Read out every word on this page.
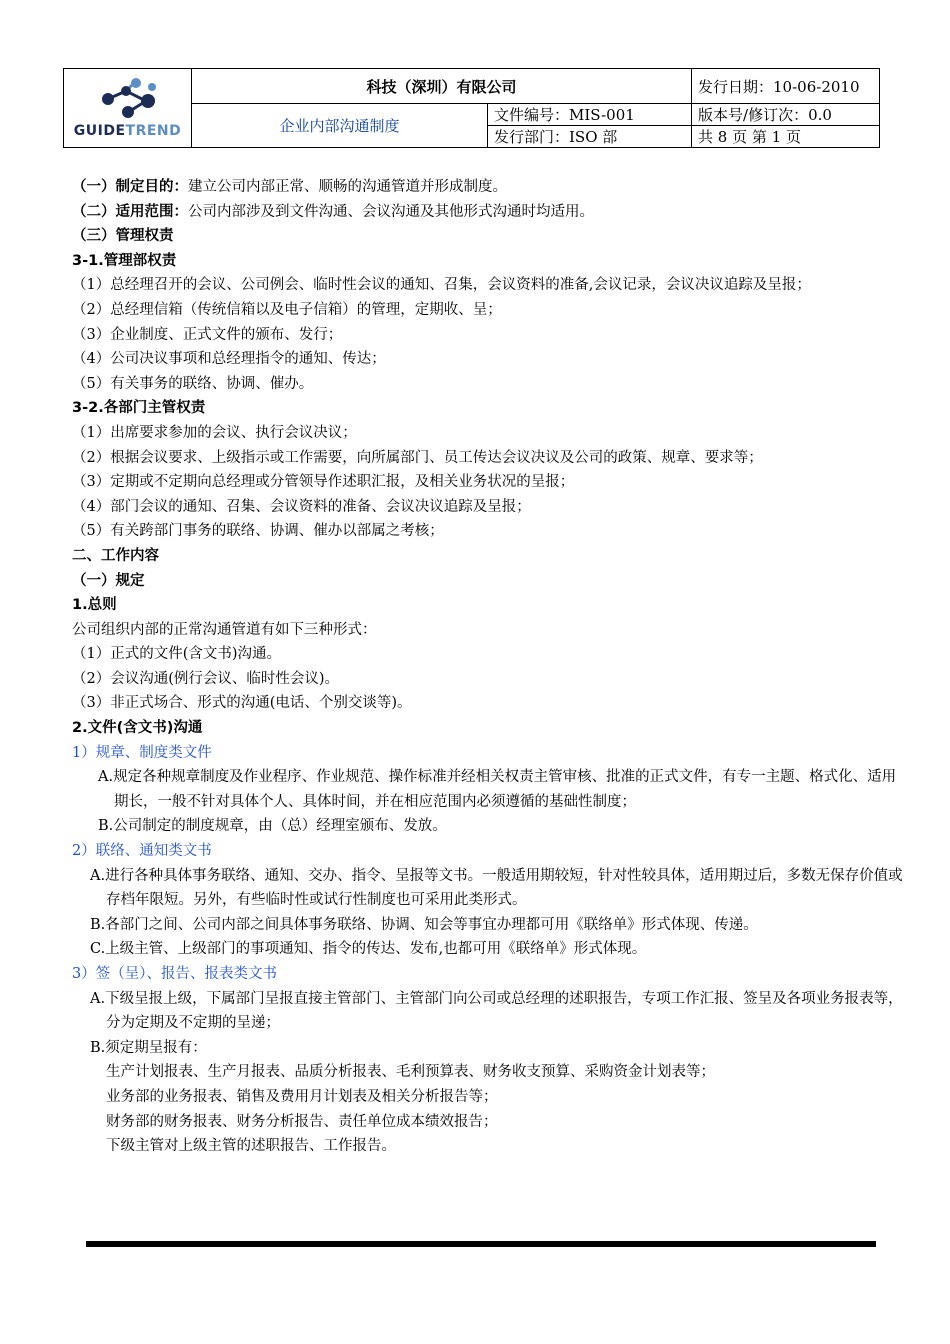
GUIDETREND	科技（深圳）有限公司		发行日期：10-06-2010
	企业内部沟通制度	文件编号：MIS-001	版本号/修订次：0.0
		发行部门：ISO 部	共 8 页 第 1 页
（一）制定目的：建立公司内部正常、顺畅的沟通管道并形成制度。
（二）适用范围：公司内部涉及到文件沟通、会议沟通及其他形式沟通时均适用。
（三）管理权责
3-1.管理部权责
（1）总经理召开的会议、公司例会、临时性会议的通知、召集，会议资料的准备,会议记录，会议决议追踪及呈报；
（2）总经理信箱（传统信箱以及电子信箱）的管理，定期收、呈；
（3）企业制度、正式文件的颁布、发行；
（4）公司决议事项和总经理指令的通知、传达；
（5）有关事务的联络、协调、催办。
3-2.各部门主管权责
（1）出席要求参加的会议、执行会议决议；
（2）根据会议要求、上级指示或工作需要，向所属部门、员工传达会议决议及公司的政策、规章、要求等；
（3）定期或不定期向总经理或分管领导作述职汇报，及相关业务状况的呈报；
（4）部门会议的通知、召集、会议资料的准备、会议决议追踪及呈报；
（5）有关跨部门事务的联络、协调、催办以部属之考核；
二、工作内容
（一）规定
1.总则
公司组织内部的正常沟通管道有如下三种形式：
（1）正式的文件(含文书)沟通。
（2）会议沟通(例行会议、临时性会议)。
（3）非正式场合、形式的沟通(电话、个别交谈等)。
2.文件(含文书)沟通
1）规章、制度类文件
A.规定各种规章制度及作业程序、作业规范、操作标准并经相关权责主管审核、批准的正式文件，有专一主题、格式化、适用期长，一般不针对具体个人、具体时间，并在相应范围内必须遵循的基础性制度；
B.公司制定的制度规章，由（总）经理室颁布、发放。
2）联络、通知类文书
A.进行各种具体事务联络、通知、交办、指令、呈报等文书。一般适用期较短，针对性较具体，适用期过后，多数无保存价值或存档年限短。另外，有些临时性或试行性制度也可采用此类形式。
B.各部门之间、公司内部之间具体事务联络、协调、知会等事宜办理都可用《联络单》形式体现、传递。
C.上级主管、上级部门的事项通知、指令的传达、发布,也都可用《联络单》形式体现。
3）签（呈）、报告、报表类文书
A.下级呈报上级，下属部门呈报直接主管部门、主管部门向公司或总经理的述职报告，专项工作汇报、签呈及各项业务报表等，分为定期及不定期的呈递；
B.须定期呈报有：
生产计划报表、生产月报表、品质分析报表、毛利预算表、财务收支预算、采购资金计划表等；
业务部的业务报表、销售及费用月计划表及相关分析报告等；
财务部的财务报表、财务分析报告、责任单位成本绩效报告；
下级主管对上级主管的述职报告、工作报告。
